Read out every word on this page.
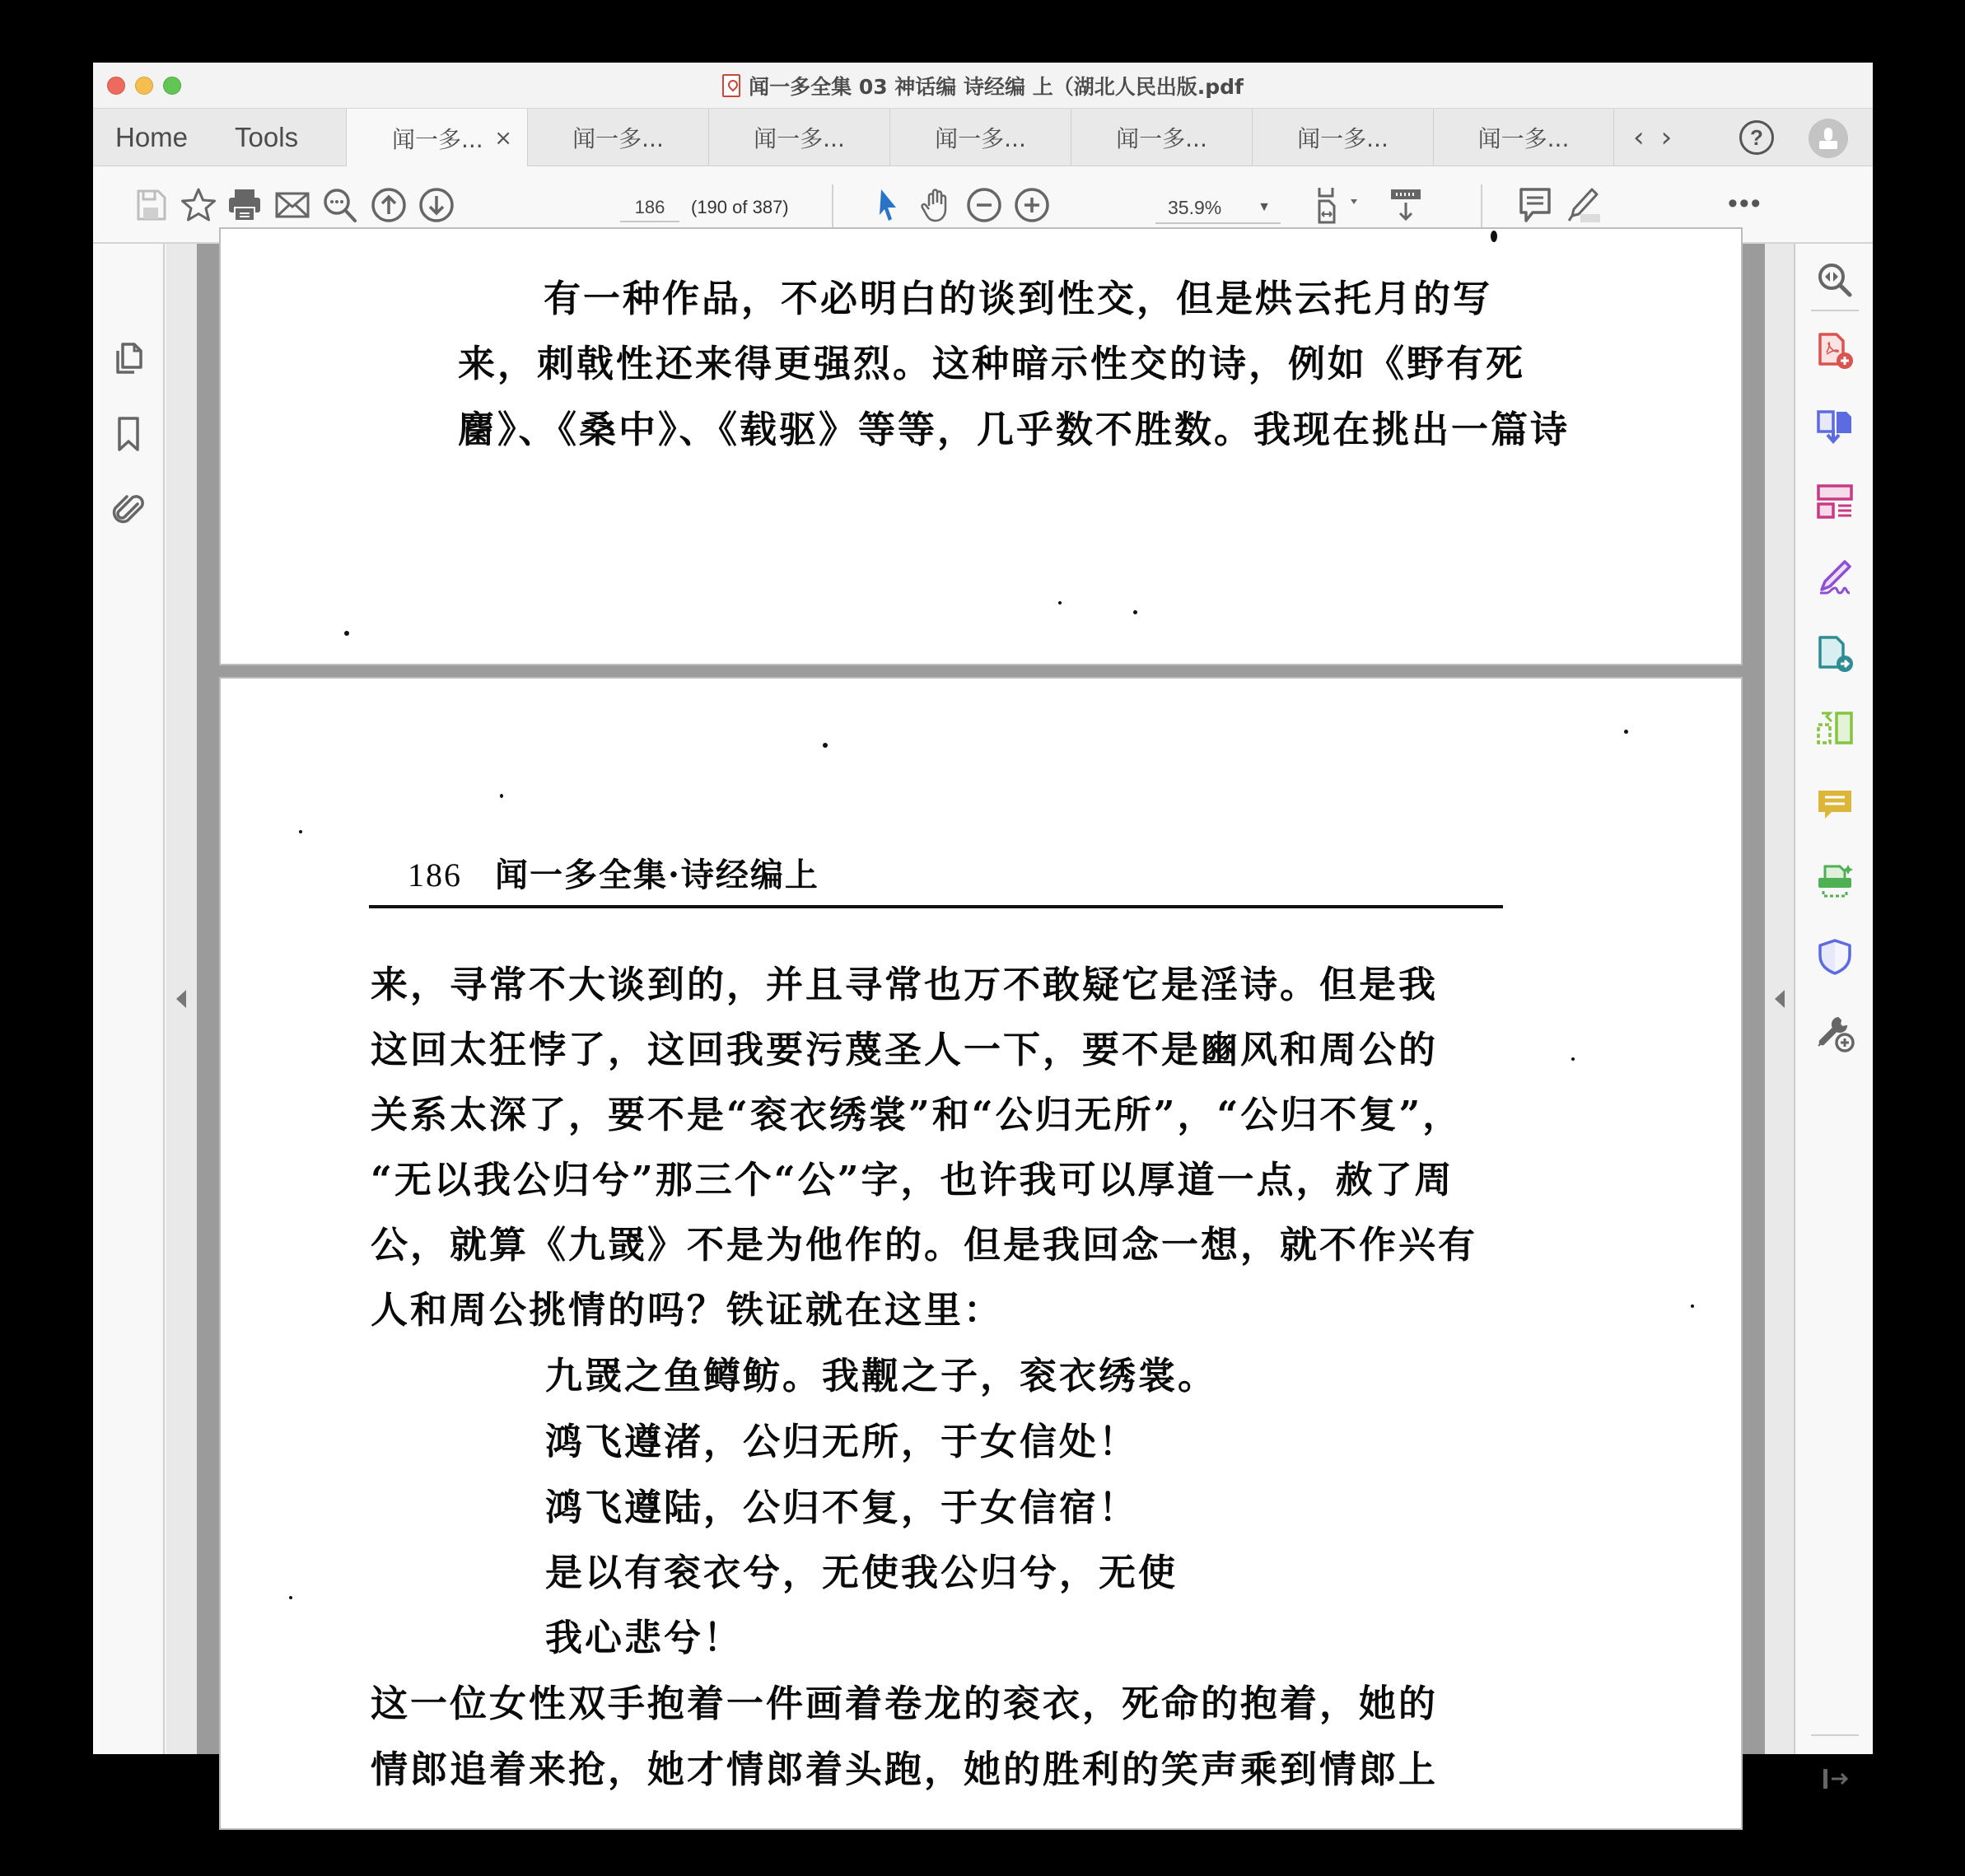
闻一多全集 03 神话编 诗经编 上（湖北人民出版.pdf
Home	Tools	闻一多... ×	闻一多...	闻一多...	闻一多...	闻一多...	闻一多...	闻一多... ‹ ›	?
186	(190 of 387)	35.9%	▼	•••
有一种作品，不必明白的谈到性交，但是烘云托月的写
来，刺戟性还来得更强烈。这种暗示性交的诗，例如《野有死
麕》、《桑中》、《载驱》等等，几乎数不胜数。我现在挑出一篇诗
186 闻一多全集·诗经编上
来，寻常不大谈到的，并且寻常也万不敢疑它是淫诗。但是我
这回太狂悖了，这回我要污蔑圣人一下，要不是豳风和周公的
关系太深了，要不是“衮衣绣裳”和“公归无所”，“公归不复”，
“无以我公归兮”那三个“公”字，也许我可以厚道一点，赦了周
公，就算《九罭》不是为他作的。但是我回念一想，就不作兴有
人和周公挑情的吗？铁证就在这里：
九罭之鱼鳟鲂。我觏之子，衮衣绣裳。
鸿飞遵渚，公归无所，于女信处！
鸿飞遵陆，公归不复，于女信宿！
是以有衮衣兮，无使我公归兮，无使
我心悲兮！
这一位女性双手抱着一件画着卷龙的衮衣，死命的抱着，她的
情郎追着来抢，她才情郎着头跑，她的胜利的笑声乘到情郎上
